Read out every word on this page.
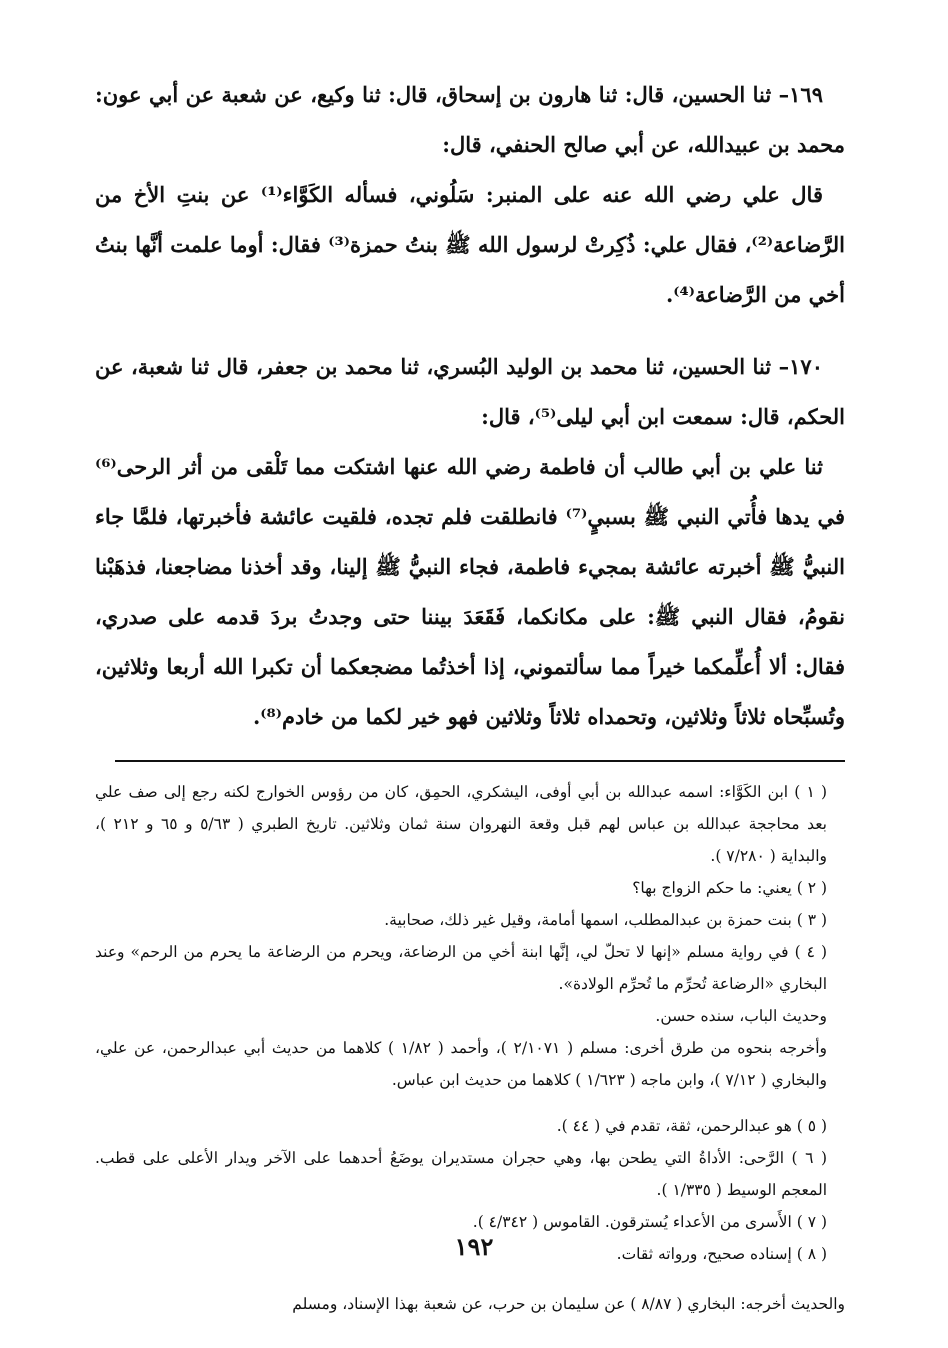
١٦٩– ثنا الحسين، قال: ثنا هارون بن إسحاق، قال: ثنا وكيع، عن شعبة عن أبي عون: محمد بن عبيدالله، عن أبي صالح الحنفي، قال:

قال علي رضي الله عنه على المنبر: سَلُوني، فسأله الكَوَّاء⁽¹⁾ عن بنتِ الأخ من الرَّضاعة⁽²⁾، فقال علي: ذُكِرتْ لرسول الله ﷺ بنتُ حمزة⁽³⁾ فقال: أوما علمت أنَّها بنتُ أخي من الرَّضاعة⁽⁴⁾.

١٧٠– ثنا الحسين، ثنا محمد بن الوليد البُسري، ثنا محمد بن جعفر، قال ثنا شعبة، عن الحكم، قال: سمعت ابن أبي ليلى⁽⁵⁾، قال:

ثنا علي بن أبي طالب أن فاطمة رضي الله عنها اشتكت مما تَلْقى من أثر الرحى⁽⁶⁾ في يدها فأُتي النبي ﷺ بسبيٍ⁽⁷⁾ فانطلقت فلم تجده، فلقيت عائشة فأخبرتها، فلمَّا جاء النبيُّ ﷺ أخبرته عائشة بمجيء فاطمة، فجاء النبيُّ ﷺ إلينا، وقد أخذنا مضاجعنا، فذهَبْنا نقومُ، فقال النبي ﷺ: على مكانكما، فَقَعَدَ بيننا حتى وجدتُ بردَ قدمه على صدري، فقال: ألا أُعلِّمكما خيراً مما سألتموني، إذا أخذتُما مضجعكما أن تكبرا الله أربعا وثلاثين، وتُسبِّحاه ثلاثاً وثلاثين، وتحمداه ثلاثاً وثلاثين فهو خير لكما من خادم⁽⁸⁾.

( ١ ) ابن الكَوَّاء: اسمه عبدالله بن أبي أوفى، اليشكري، الحمِق، كان من رؤوس الخوارج لكنه رجع إلى صف علي بعد محاججة عبدالله بن عباس لهم قبل وقعة النهروان سنة ثمان وثلاثين. تاريخ الطبري ( ٥/٦٣ و ٦٥ و ٢١٢ )، والبداية ( ٧/٢٨٠ ).

( ٢ ) يعني: ما حكم الزواج بها؟

( ٣ ) بنت حمزة بن عبدالمطلب، اسمها أمامة، وقيل غير ذلك، صحابية.

( ٤ ) في رواية مسلم «إنها لا تحلّ لي، إنَّها ابنة أخي من الرضاعة، ويحرم من الرضاعة ما يحرم من الرحم» وعند البخاري «الرضاعة تُحرِّم ما تُحرِّم الولادة».

وحديث الباب، سنده حسن.

وأخرجه بنحوه من طرق أخرى: مسلم ( ٢/١٠٧١ )، وأحمد ( ١/٨٢ ) كلاهما من حديث أبي عبدالرحمن، عن علي، والبخاري ( ٧/١٢ )، وابن ماجه ( ١/٦٢٣ ) كلاهما من حديث ابن عباس.

( ٥ ) هو عبدالرحمن، ثقة، تقدم في ( ٤٤ ).

( ٦ ) الرَّحى: الأداةُ التي يطحن بها، وهي حجران مستديران يوضَعُ أحدهما على الآخر ويدار الأعلى على قطب. المعجم الوسيط ( ١/٣٣٥ ).

( ٧ ) الأَسرى من الأعداء يُسترقون. القاموس ( ٤/٣٤٢ ).

( ٨ ) إسناده صحيح، ورواته ثقات.

والحديث أخرجه: البخاري ( ٨/٨٧ ) عن سليمان بن حرب، عن شعبة بهذا الإسناد، ومسلم

١٩٢
